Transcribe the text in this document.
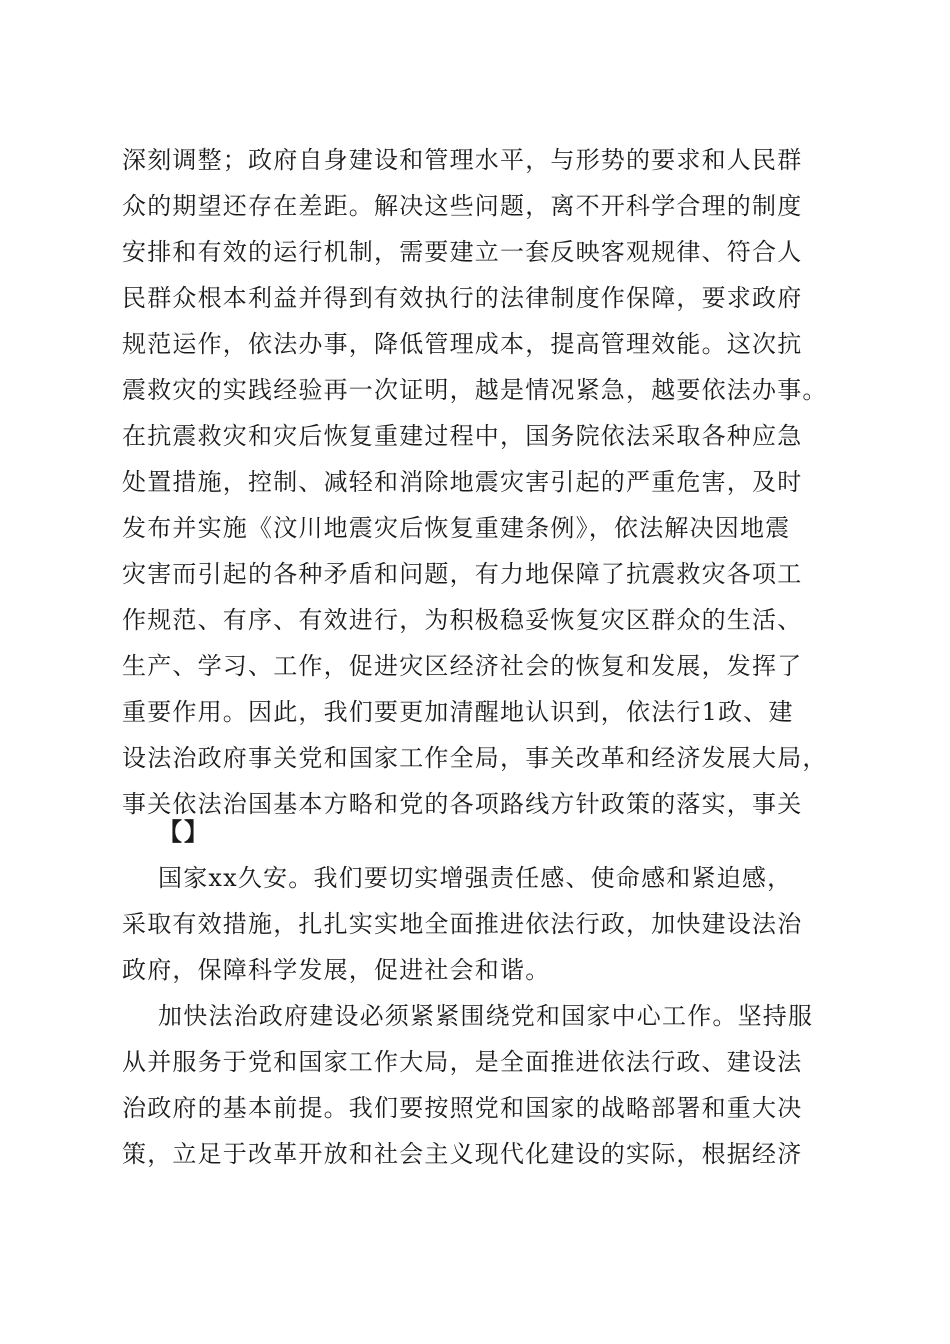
深刻调整；政府自身建设和管理水平，与形势的要求和人民群
众的期望还存在差距。解决这些问题，离不开科学合理的制度
安排和有效的运行机制，需要建立一套反映客观规律、符合人
民群众根本利益并得到有效执行的法律制度作保障，要求政府
规范运作，依法办事，降低管理成本，提高管理效能。这次抗
震救灾的实践经验再一次证明，越是情况紧急，越要依法办事。
在抗震救灾和灾后恢复重建过程中，国务院依法采取各种应急
处置措施，控制、减轻和消除地震灾害引起的严重危害，及时
发布并实施《汶川地震灾后恢复重建条例》，依法解决因地震
灾害而引起的各种矛盾和问题，有力地保障了抗震救灾各项工
作规范、有序、有效进行，为积极稳妥恢复灾区群众的生活、
生产、学习、工作，促进灾区经济社会的恢复和发展，发挥了
重要作用。因此，我们要更加清醒地认识到，依法行1政、建
设法治政府事关党和国家工作全局，事关改革和经济发展大局，
事关依法治国基本方略和党的各项路线方针政策的落实，事关
【】
国家xx久安。我们要切实增强责任感、使命感和紧迫感，
采取有效措施，扎扎实实地全面推进依法行政，加快建设法治
政府，保障科学发展，促进社会和谐。
加快法治政府建设必须紧紧围绕党和国家中心工作。坚持服
从并服务于党和国家工作大局，是全面推进依法行政、建设法
治政府的基本前提。我们要按照党和国家的战略部署和重大决
策，立足于改革开放和社会主义现代化建设的实际，根据经济
